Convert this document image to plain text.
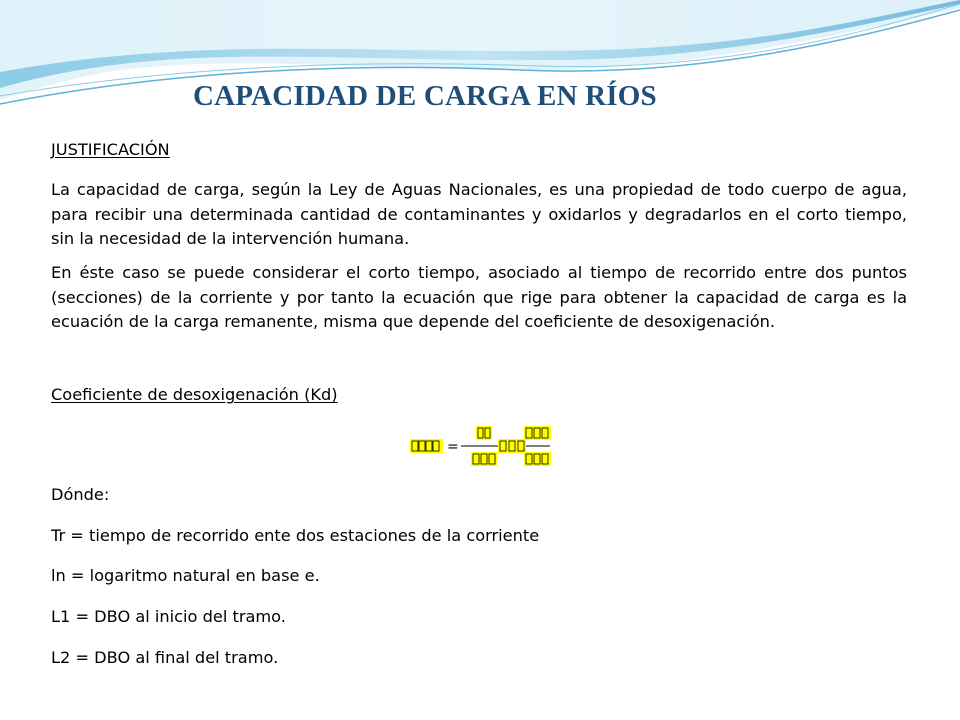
CAPACIDAD DE CARGA EN RÍOS
JUSTIFICACIÓN

La capacidad de carga, según la Ley de Aguas Nacionales, es una propiedad de todo cuerpo de agua, para recibir una determinada cantidad de contaminantes y oxidarlos y degradarlos en el corto tiempo, sin la necesidad de la intervención humana.

En éste caso se puede considerar el corto tiempo, asociado al tiempo de recorrido entre dos puntos (secciones) de la corriente y por tanto la ecuación que rige para obtener la capacidad de carga es la ecuación de la carga remanente, misma que depende del coeficiente de desoxigenación.

Coeficiente de desoxigenación (Kd)
=
Dónde:
Tr = tiempo de recorrido ente dos estaciones de la corriente
ln = logaritmo natural en base e.
L1 = DBO al inicio del tramo.
L2 = DBO al final del tramo.
